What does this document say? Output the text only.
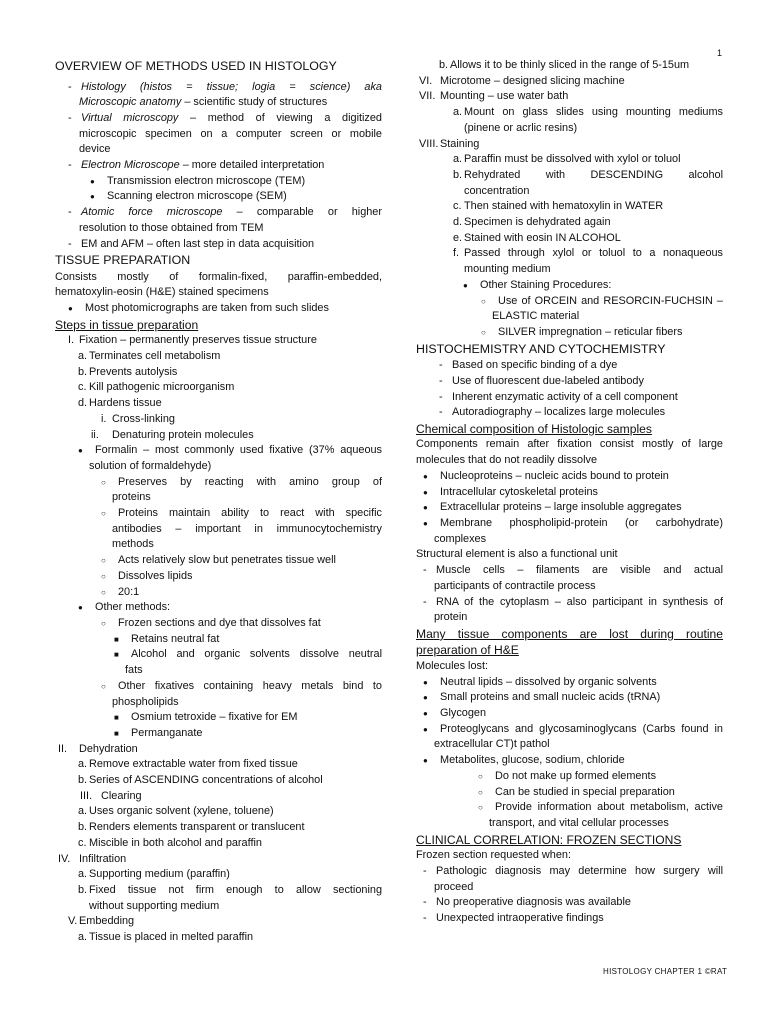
1
OVERVIEW OF METHODS USED IN HISTOLOGY
- Histology (histos = tissue; logia = science) aka
Microscopic anatomy – scientific study of structures
- Virtual microscopy – method of viewing a digitized
microscopic specimen on a computer screen or mobile
device
- Electron Microscope – more detailed interpretation
● Transmission electron microscope (TEM)
● Scanning electron microscope (SEM)
- Atomic force microscope – comparable or higher
resolution to those obtained from TEM
- EM and AFM – often last step in data acquisition
TISSUE PREPARATION
Consists mostly of formalin-fixed, paraffin-embedded,
hematoxylin-eosin (H&E) stained specimens
● Most photomicrographs are taken from such slides
Steps in tissue preparation
I. Fixation – permanently preserves tissue structure
a. Terminates cell metabolism
b. Prevents autolysis
c. Kill pathogenic microorganism
d. Hardens tissue
i. Cross-linking
ii. Denaturing protein molecules
● Formalin – most commonly used fixative (37% aqueous
solution of formaldehyde)
○ Preserves by reacting with amino group of
proteins
○ Proteins maintain ability to react with specific
antibodies – important in immunocytochemistry
methods
○ Acts relatively slow but penetrates tissue well
○ Dissolves lipids
○ 20:1
● Other methods:
○ Frozen sections and dye that dissolves fat
■ Retains neutral fat
■ Alcohol and organic solvents dissolve neutral
fats
○ Other fixatives containing heavy metals bind to
phospholipids
■ Osmium tetroxide – fixative for EM
■ Permanganate
II. Dehydration
a. Remove extractable water from fixed tissue
b. Series of ASCENDING concentrations of alcohol
III. Clearing
a. Uses organic solvent (xylene, toluene)
b. Renders elements transparent or translucent
c. Miscible in both alcohol and paraffin
IV. Infiltration
a. Supporting medium (paraffin)
b. Fixed tissue not firm enough to allow sectioning
without supporting medium
V. Embedding
a. Tissue is placed in melted paraffin
b. Allows it to be thinly sliced in the range of 5-15um
VI. Microtome – designed slicing machine
VII. Mounting – use water bath
a. Mount on glass slides using mounting mediums
(pinene or acrlic resins)
VIII. Staining
a. Paraffin must be dissolved with xylol or toluol
b. Rehydrated with DESCENDING alcohol
concentration
c. Then stained with hematoxylin in WATER
d. Specimen is dehydrated again
e. Stained with eosin IN ALCOHOL
f. Passed through xylol or toluol to a nonaqueous
mounting medium
● Other Staining Procedures:
○ Use of ORCEIN and RESORCIN-FUCHSIN –
ELASTIC material
○ SILVER impregnation – reticular fibers
HISTOCHEMISTRY AND CYTOCHEMISTRY
- Based on specific binding of a dye
- Use of fluorescent due-labeled antibody
- Inherent enzymatic activity of a cell component
- Autoradiography – localizes large molecules
Chemical composition of Histologic samples
Components remain after fixation consist mostly of large
molecules that do not readily dissolve
● Nucleoproteins – nucleic acids bound to protein
● Intracellular cytoskeletal proteins
● Extracellular proteins – large insoluble aggregates
● Membrane phospholipid-protein (or carbohydrate)
complexes
Structural element is also a functional unit
- Muscle cells – filaments are visible and actual
participants of contractile process
- RNA of the cytoplasm – also participant in synthesis of
protein
Many tissue components are lost during routine
preparation of H&E
Molecules lost:
● Neutral lipids – dissolved by organic solvents
● Small proteins and small nucleic acids (tRNA)
● Glycogen
● Proteoglycans and glycosaminoglycans (Carbs found in
extracellular CT)t pathol
● Metabolites, glucose, sodium, chloride
○ Do not make up formed elements
○ Can be studied in special preparation
○ Provide information about metabolism, active
transport, and vital cellular processes
CLINICAL CORRELATION: FROZEN SECTIONS
Frozen section requested when:
- Pathologic diagnosis may determine how surgery will
proceed
- No preoperative diagnosis was available
- Unexpected intraoperative findings
HISTOLOGY CHAPTER 1 ©RAT
